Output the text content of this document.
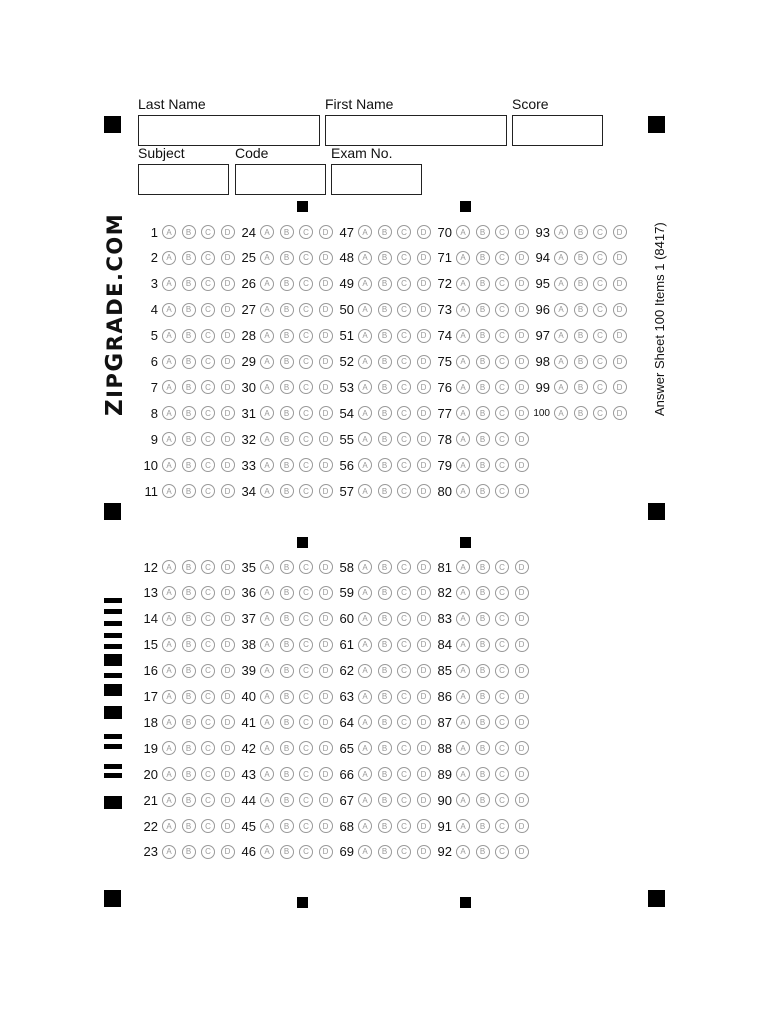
Last Name	First Name	Score
Subject	Code	Exam No.
ZIPGRADE.COM	Answer Sheet 100 Items 1 (8417)
1	A	B	C	D
2	A	B	C	D
3	A	B	C	D
4	A	B	C	D
5	A	B	C	D
6	A	B	C	D
7	A	B	C	D
8	A	B	C	D
9	A	B	C	D
10	A	B	C	D
11	A	B	C	D
24	A	B	C	D
25	A	B	C	D
26	A	B	C	D
27	A	B	C	D
28	A	B	C	D
29	A	B	C	D
30	A	B	C	D
31	A	B	C	D
32	A	B	C	D
33	A	B	C	D
34	A	B	C	D
47	A	B	C	D
48	A	B	C	D
49	A	B	C	D
50	A	B	C	D
51	A	B	C	D
52	A	B	C	D
53	A	B	C	D
54	A	B	C	D
55	A	B	C	D
56	A	B	C	D
57	A	B	C	D
70	A	B	C	D
71	A	B	C	D
72	A	B	C	D
73	A	B	C	D
74	A	B	C	D
75	A	B	C	D
76	A	B	C	D
77	A	B	C	D
78	A	B	C	D
79	A	B	C	D
80	A	B	C	D
93	A	B	C	D
94	A	B	C	D
95	A	B	C	D
96	A	B	C	D
97	A	B	C	D
98	A	B	C	D
99	A	B	C	D
100	A	B	C	D
12	A	B	C	D
13	A	B	C	D
14	A	B	C	D
15	A	B	C	D
16	A	B	C	D
17	A	B	C	D
18	A	B	C	D
19	A	B	C	D
20	A	B	C	D
21	A	B	C	D
22	A	B	C	D
23	A	B	C	D
35	A	B	C	D
36	A	B	C	D
37	A	B	C	D
38	A	B	C	D
39	A	B	C	D
40	A	B	C	D
41	A	B	C	D
42	A	B	C	D
43	A	B	C	D
44	A	B	C	D
45	A	B	C	D
46	A	B	C	D
58	A	B	C	D
59	A	B	C	D
60	A	B	C	D
61	A	B	C	D
62	A	B	C	D
63	A	B	C	D
64	A	B	C	D
65	A	B	C	D
66	A	B	C	D
67	A	B	C	D
68	A	B	C	D
69	A	B	C	D
81	A	B	C	D
82	A	B	C	D
83	A	B	C	D
84	A	B	C	D
85	A	B	C	D
86	A	B	C	D
87	A	B	C	D
88	A	B	C	D
89	A	B	C	D
90	A	B	C	D
91	A	B	C	D
92	A	B	C	D
